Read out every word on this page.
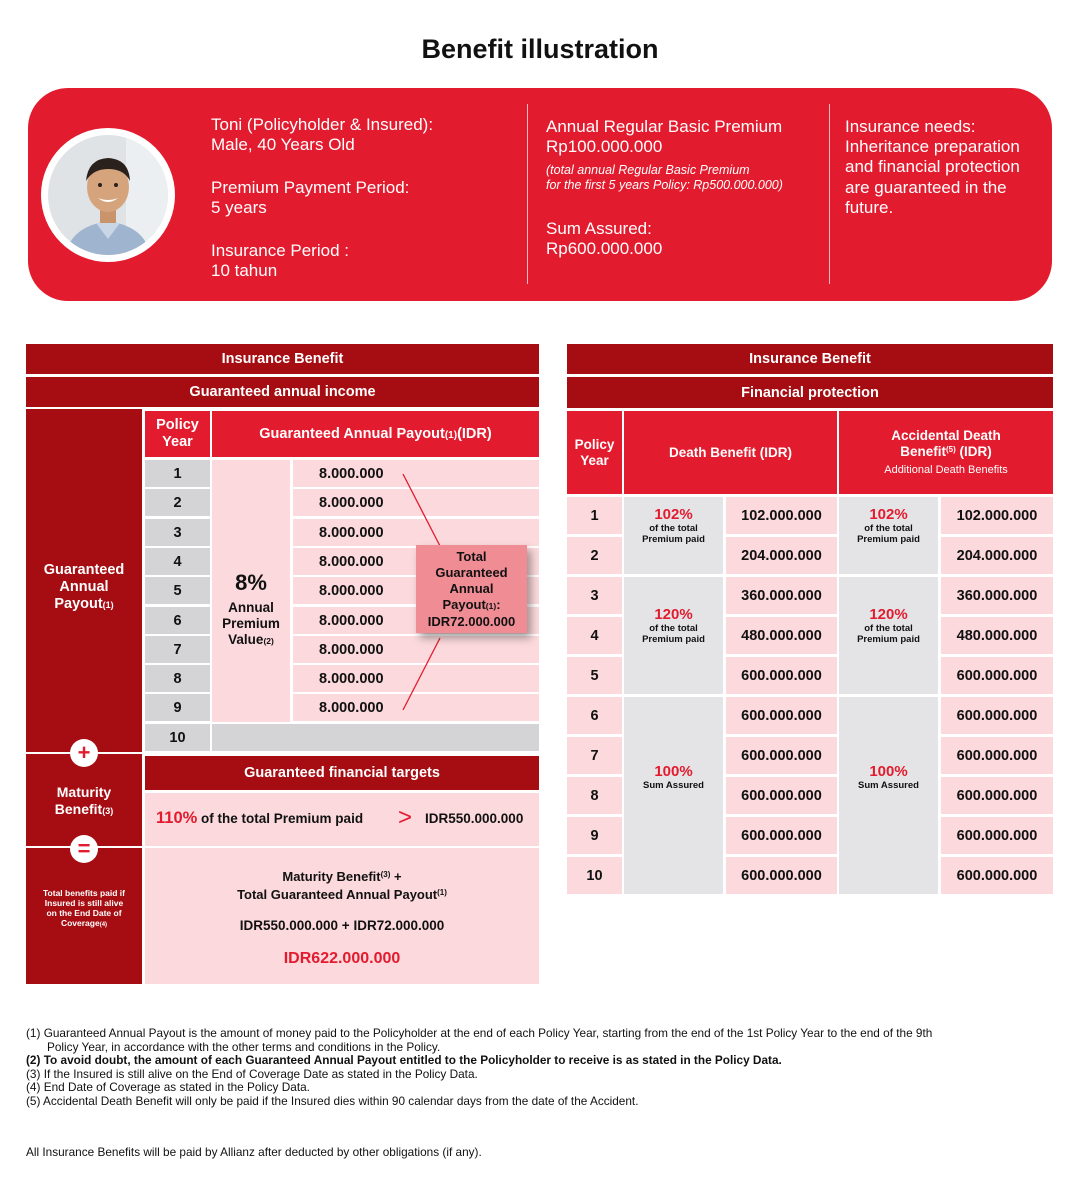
Benefit illustration
Toni (Policyholder & Insured):
Male, 40 Years Old
Premium Payment Period:
5 years
Insurance Period :
10 tahun
Annual Regular Basic Premium
Rp100.000.000
(total annual Regular Basic Premium
for the first 5 years Policy: Rp500.000.000)
Sum Assured:
Rp600.000.000
Insurance needs:
Inheritance preparation
and financial protection
are guaranteed in the
future.
Insurance Benefit
Guaranteed annual income
Guaranteed
Annual
Payout(1)
Maturity
Benefit(3)
Total benefits paid if
Insured is still alive
on the End Date of
Coverage(4)
+
=
Policy
Year	Guaranteed Annual Payout (1) (IDR)
1	8.000.000
2	8.000.000
3	8.000.000
4	8.000.000
5	8.000.000
6	8.000.000
7	8.000.000
8	8.000.000
9	8.000.000
10
8%
Annual
Premium
Value(2)
Total
Guaranteed
Annual
Payout(1):
IDR72.000.000
Guaranteed financial targets
110% of the total Premium paid > IDR550.000.000
Maturity Benefit$^{(3)}$ +
Total Guaranteed Annual Payout$^{(1)}$
IDR550.000.000 + IDR72.000.000
IDR622.000.000
Insurance Benefit
Financial protection
Policy
Year	Death Benefit (IDR)
Accidental Death
Benefit$^{(5)}$ (IDR)
Additional Death Benefits
1	102.000.000	102.000.000
2	204.000.000	204.000.000
3	360.000.000	360.000.000
4	480.000.000	480.000.000
5	600.000.000	600.000.000
6	600.000.000	600.000.000
7	600.000.000	600.000.000
8	600.000.000	600.000.000
9	600.000.000	600.000.000
10	600.000.000	600.000.000
102%
of the total
Premium paid
120%
of the total
Premium paid
100%
Sum Assured
102%
of the total
Premium paid
120%
of the total
Premium paid
100%
Sum Assured
(1) Guaranteed Annual Payout is the amount of money paid to the Policyholder at the end of each Policy Year, starting from the end of the 1st Policy Year to the end of the 9th
Policy Year, in accordance with the other terms and conditions in the Policy.
(2) To avoid doubt, the amount of each Guaranteed Annual Payout entitled to the Policyholder to receive is as stated in the Policy Data.
(3) If the Insured is still alive on the End of Coverage Date as stated in the Policy Data.
(4) End Date of Coverage as stated in the Policy Data.
(5) Accidental Death Benefit will only be paid if the Insured dies within 90 calendar days from the date of the Accident.
All Insurance Benefits will be paid by Allianz after deducted by other obligations (if any).
